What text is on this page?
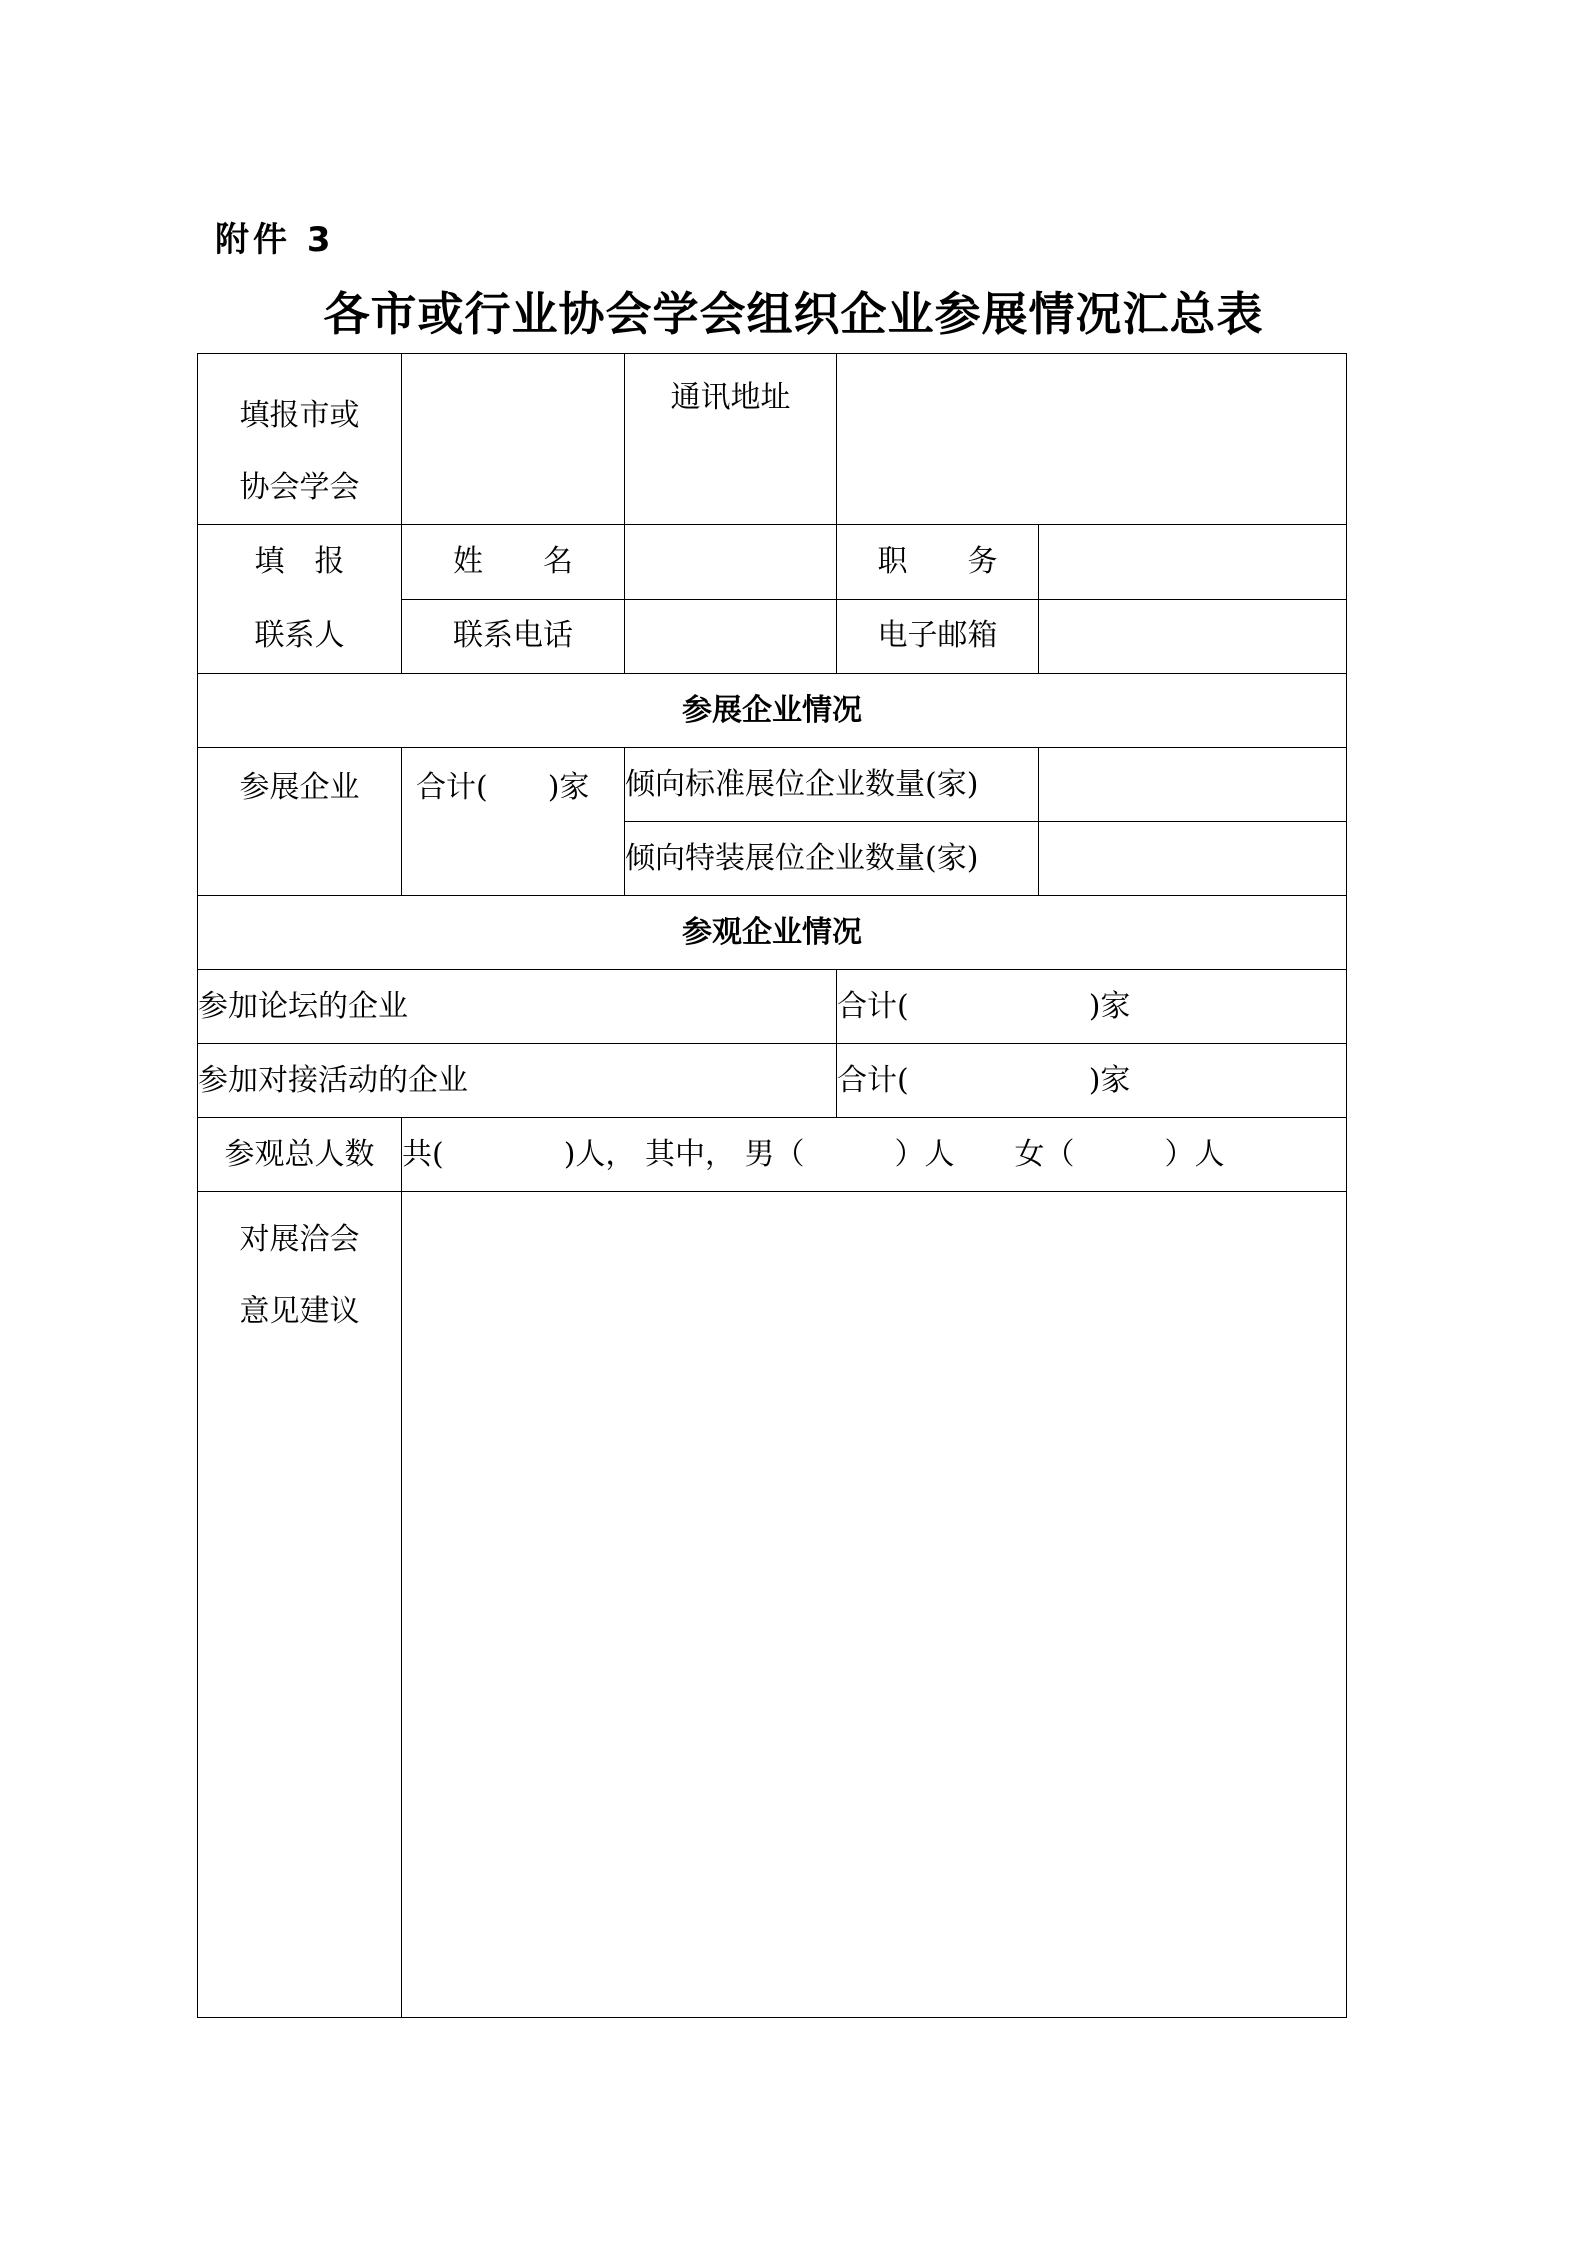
附件 3
各市或行业协会学会组织企业参展情况汇总表
填报市或
协会学会		通讯地址		

填　报
联系人	姓　　名		职　　务	
	联系电话		电子邮箱	
参展企业情况				

参展企业	合计(　　)家	倾向标准展位企业数量(家)		
		倾向特装展位企业数量(家)		
参观企业情况				
参加论坛的企业			合计(　　　　　　)家	
参加对接活动的企业			合计(　　　　　　)家	
参观总人数	共(　　　　)人， 其中， 男（　　　）人　　女（　　　）人			

对展洽会
意见建议				
